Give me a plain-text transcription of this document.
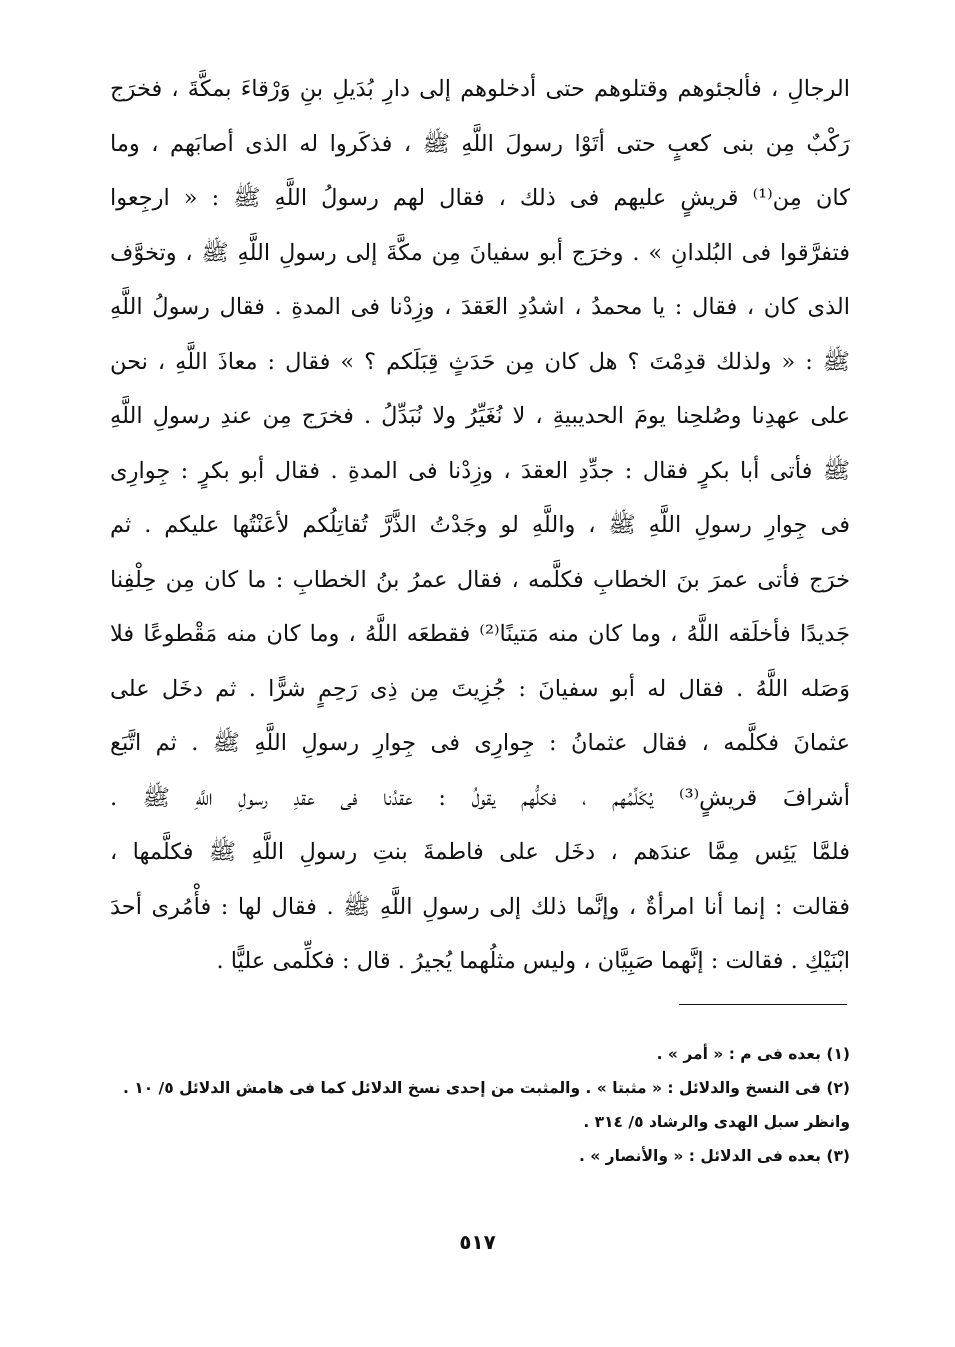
الرجالِ ، فألجئوهم وقتلوهم حتى أدخلوهم إلى دارِ بُدَيلِ بنِ وَرْقاءَ بمكَّةَ ، فخرَج
رَكْبٌ مِن بنى كعبٍ حتى أتَوْا رسولَ اللَّهِ ﷺ ، فذكَروا له الذى أصابَهم ، وما
كان مِن⁽¹⁾ قريشٍ عليهم فى ذلك ، فقال لهم رسولُ اللَّهِ ﷺ : « ارجِعوا
فتفرَّقوا فى البُلدانِ » . وخرَج أبو سفيانَ مِن مكَّةَ إلى رسولِ اللَّهِ ﷺ ، وتخوَّف
الذى كان ، فقال : يا محمدُ ، اشدُدِ العَقدَ ، وزِدْنا فى المدةِ . فقال رسولُ اللَّهِ
ﷺ : « ولذلك قدِمْتَ ؟ هل كان مِن حَدَثٍ قِبَلَكم ؟ » فقال : معاذَ اللَّهِ ، نحن
على عهدِنا وصُلحِنا يومَ الحديبيةِ ، لا نُغَيِّرُ ولا نُبَدِّلُ . فخرَج مِن عندِ رسولِ اللَّهِ
ﷺ فأتى أبا بكرٍ فقال : جدِّدِ العقدَ ، وزِدْنا فى المدةِ . فقال أبو بكرٍ : جِوارِى
فى جِوارِ رسولِ اللَّهِ ﷺ ، واللَّهِ لو وجَدْتُ الذَّرَّ تُقاتِلُكم لأعَنْتُها عليكم . ثم
خرَج فأتى عمرَ بنَ الخطابِ فكلَّمه ، فقال عمرُ بنُ الخطابِ : ما كان مِن حِلْفِنا
جَديدًا فأخلَقه اللَّهُ ، وما كان منه مَتينًا⁽²⁾ فقطعَه اللَّهُ ، وما كان منه مَقْطوعًا فلا
وَصَله اللَّهُ . فقال له أبو سفيانَ : جُزِيتَ مِن ذِى رَحِمٍ شرًّا . ثم دخَل على
عثمانَ فكلَّمه ، فقال عثمانُ : جِوارِى فى جِوارِ رسولِ اللَّهِ ﷺ . ثم اتَّبَع
أشرافَ قريشٍ⁽³⁾ يُكَلِّمُهم ، فكلُّهم يقولُ : عقدُنا فى عقدِ رسولِ اللَّهِ ﷺ .
فلمَّا يَئِس مِمَّا عندَهم ، دخَل على فاطمةَ بنتِ رسولِ اللَّهِ ﷺ فكلَّمها ،
فقالت : إنما أنا امرأةٌ ، وإنَّما ذلك إلى رسولِ اللَّهِ ﷺ . فقال لها : فأْمُرى أحدَ
ابْنَيْكِ . فقالت : إنَّهما صَبِيَّان ، وليس مثلُهما يُجيرُ . قال : فكلِّمى عليًّا .
(١) بعده فى م : « أمر » .
(٢) فى النسخ والدلائل : « مثبتا » . والمثبت من إحدى نسخ الدلائل كما فى هامش الدلائل ٥/ ١٠ .
وانظر سبل الهدى والرشاد ٥/ ٣١٤ .
(٣) بعده فى الدلائل : « والأنصار » .
٥١٧
